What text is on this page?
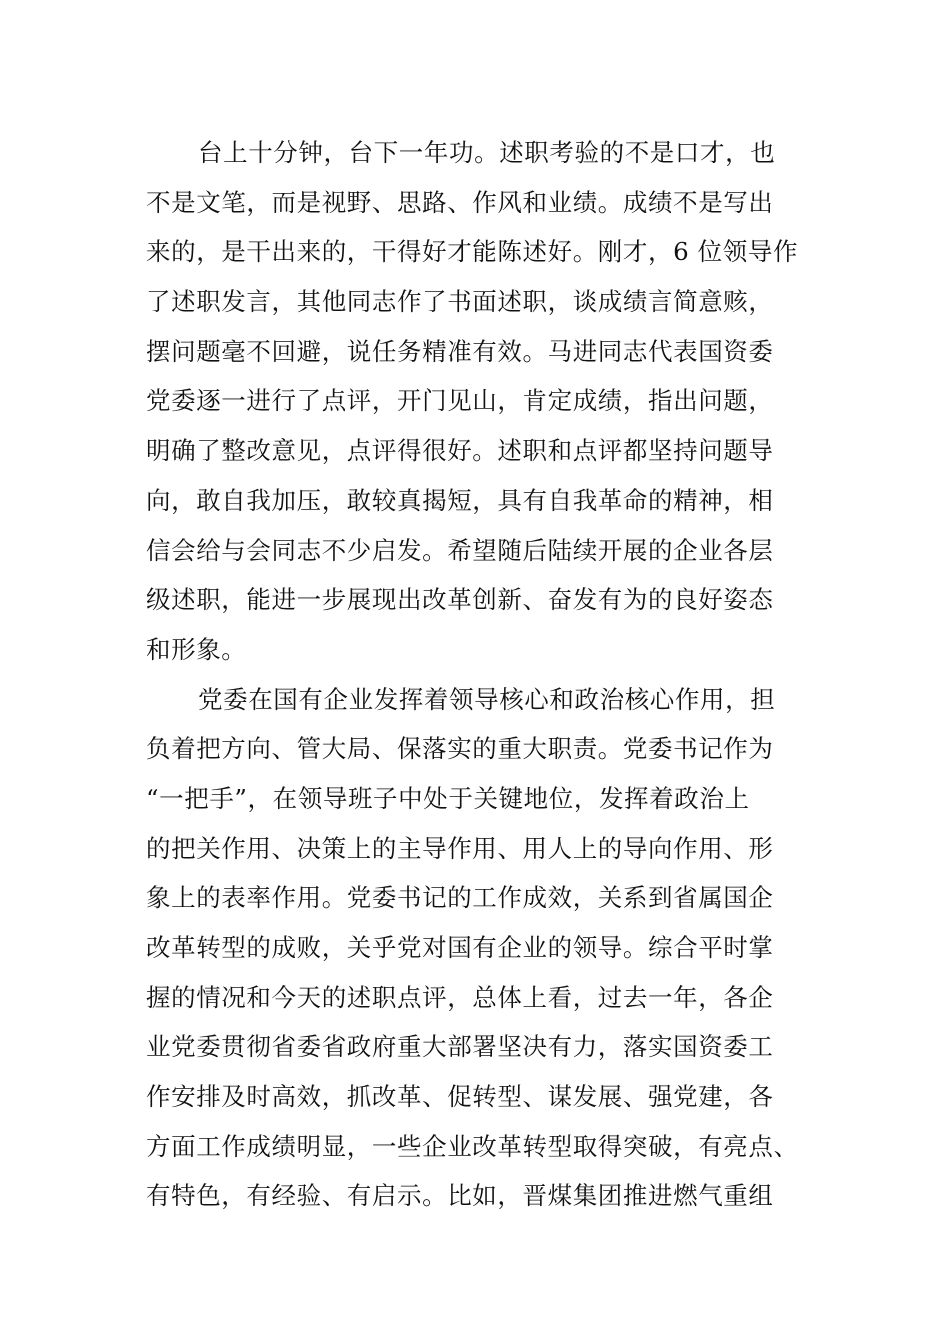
台上十分钟，台下一年功。述职考验的不是口才，也
不是文笔，而是视野、思路、作风和业绩。成绩不是写出
来的，是干出来的，干得好才能陈述好。刚才，6 位领导作
了述职发言，其他同志作了书面述职，谈成绩言简意赅，
摆问题毫不回避，说任务精准有效。马进同志代表国资委
党委逐一进行了点评，开门见山，肯定成绩，指出问题，
明确了整改意见，点评得很好。述职和点评都坚持问题导
向，敢自我加压，敢较真揭短，具有自我革命的精神，相
信会给与会同志不少启发。希望随后陆续开展的企业各层
级述职，能进一步展现出改革创新、奋发有为的良好姿态
和形象。
党委在国有企业发挥着领导核心和政治核心作用，担
负着把方向、管大局、保落实的重大职责。党委书记作为
“一把手”，在领导班子中处于关键地位，发挥着政治上
的把关作用、决策上的主导作用、用人上的导向作用、形
象上的表率作用。党委书记的工作成效，关系到省属国企
改革转型的成败，关乎党对国有企业的领导。综合平时掌
握的情况和今天的述职点评，总体上看，过去一年，各企
业党委贯彻省委省政府重大部署坚决有力，落实国资委工
作安排及时高效，抓改革、促转型、谋发展、强党建，各
方面工作成绩明显，一些企业改革转型取得突破，有亮点、
有特色，有经验、有启示。比如，晋煤集团推进燃气重组
